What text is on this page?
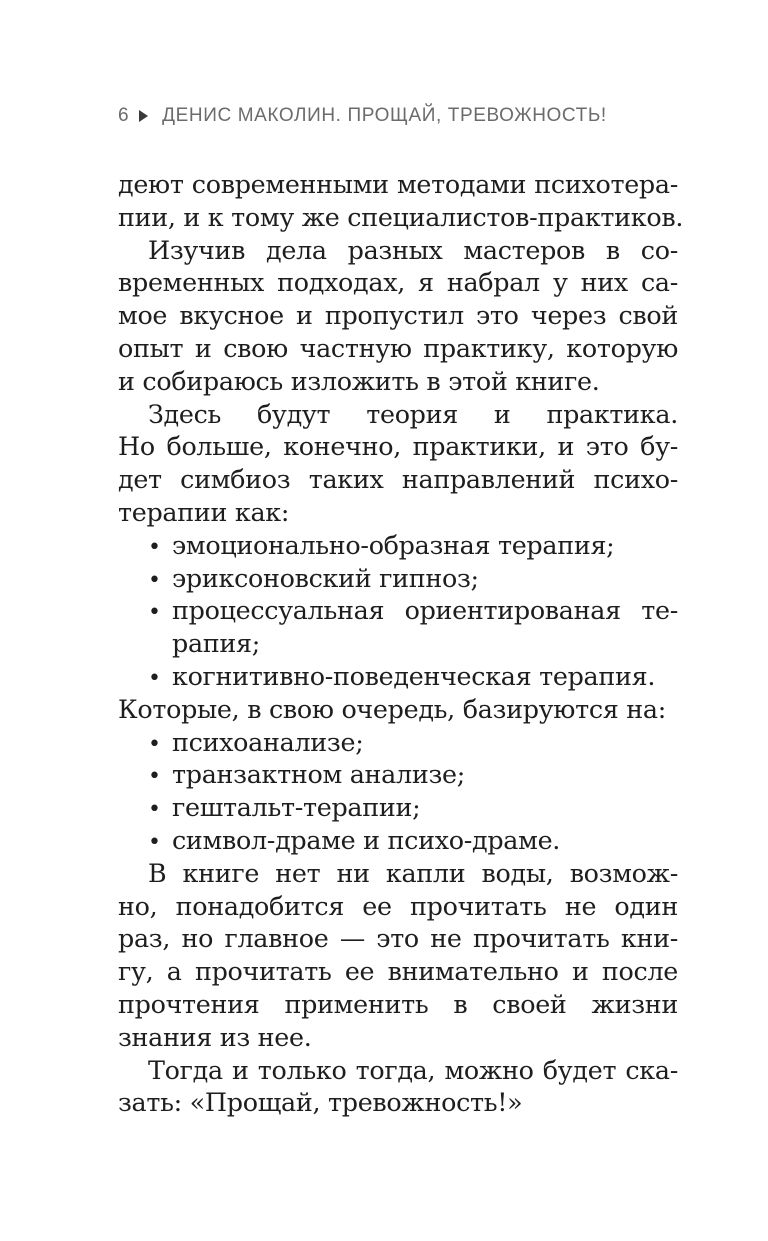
6 ДЕНИС МАКОЛИН. ПРОЩАЙ, ТРЕВОЖНОСТЬ!
деют современными методами психотера-
пии, и к тому же специалистов-практиков.
Изучив дела разных мастеров в со-
временных подходах, я набрал у них са-
мое вкусное и пропустил это через свой
опыт и свою частную практику, которую
и собираюсь изложить в этой книге.
Здесь будут теория и практика.
Но больше, конечно, практики, и это бу-
дет симбиоз таких направлений психо-
терапии как:
• эмоционально-образная терапия;
• эриксоновский гипноз;
• процессуальная ориентированая те-
рапия;
• когнитивно-поведенческая терапия.
Которые, в свою очередь, базируются на:
• психоанализе;
• транзактном анализе;
• гештальт-терапии;
• символ-драме и психо-драме.
В книге нет ни капли воды, возмож-
но, понадобится ее прочитать не один
раз, но главное — это не прочитать кни-
гу, а прочитать ее внимательно и после
прочтения применить в своей жизни
знания из нее.
Тогда и только тогда, можно будет ска-
зать: «Прощай, тревожность!»
